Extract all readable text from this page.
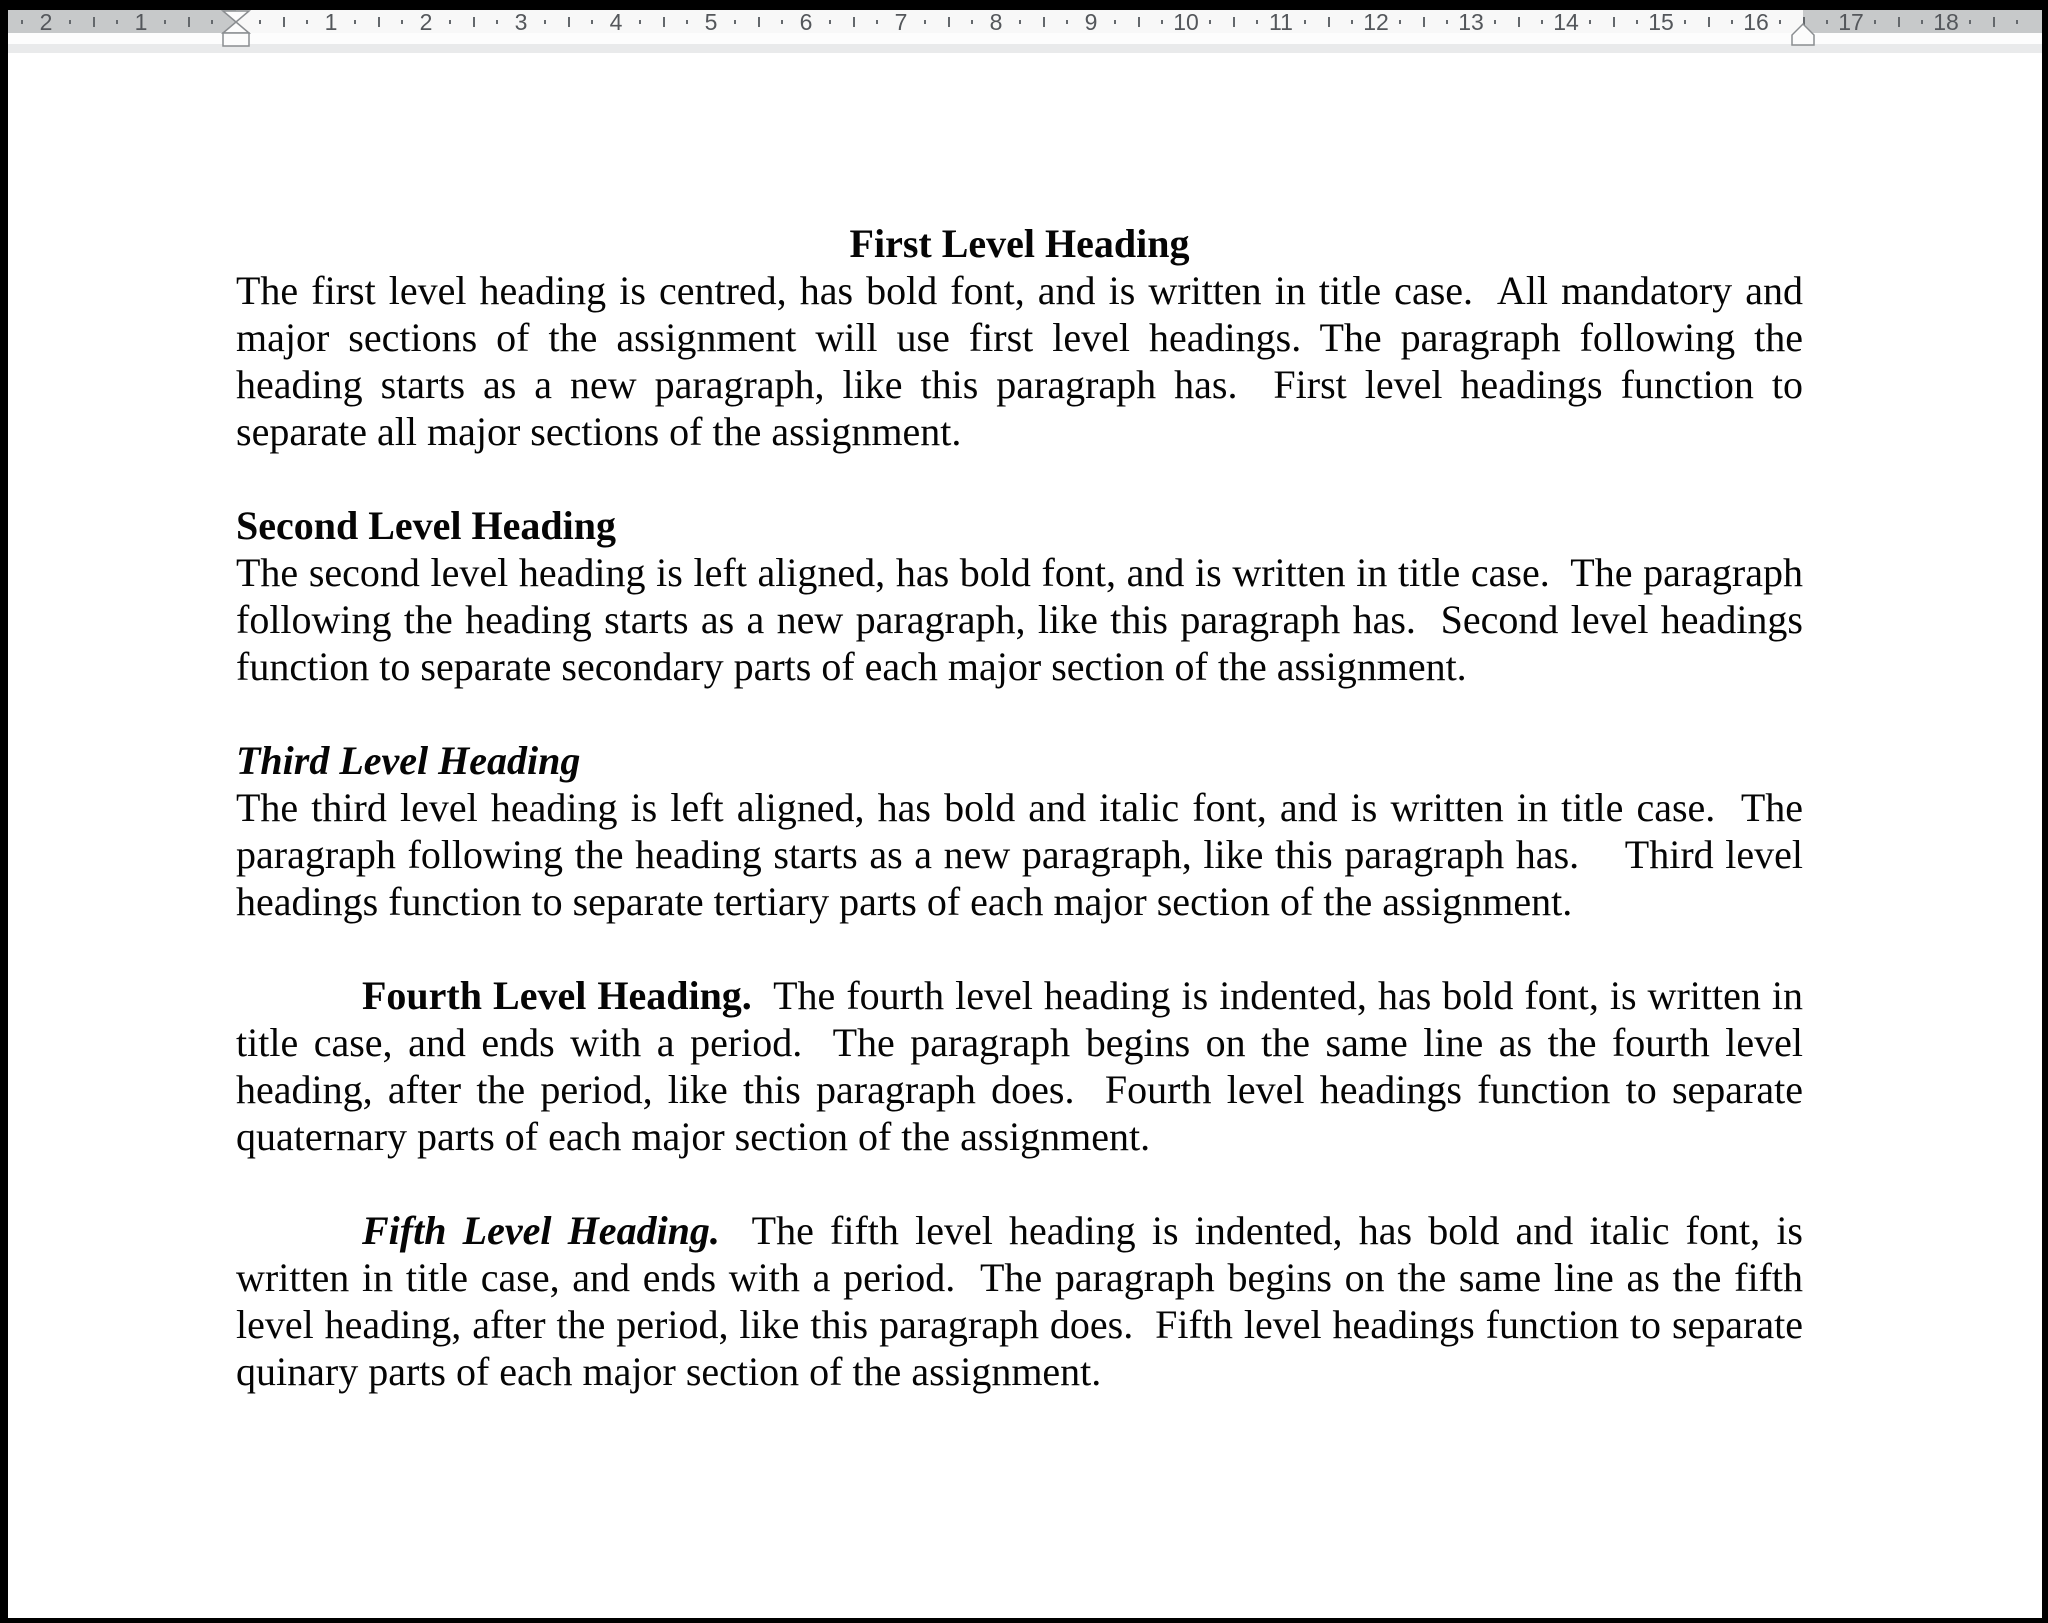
1
2	1	2	3	4	5	6	7	8	9	10	11	12	13	14	15	16	17	18
First Level Heading
The first level heading is centred, has bold font, and is written in title case.  All mandatory and major sections of the assignment will use first level headings. The paragraph following the heading starts as a new paragraph, like this paragraph has.  First level headings function to separate all major sections of the assignment.
Second Level Heading
The second level heading is left aligned, has bold font, and is written in title case.  The paragraph following the heading starts as a new paragraph, like this paragraph has.  Second level headings function to separate secondary parts of each major section of the assignment.
Third Level Heading
The third level heading is left aligned, has bold and italic font, and is written in title case.  The paragraph following the heading starts as a new paragraph, like this paragraph has.    Third level headings function to separate tertiary parts of each major section of the assignment.
Fourth Level Heading.  The fourth level heading is indented, has bold font, is written in title case, and ends with a period.  The paragraph begins on the same line as the fourth level heading, after the period, like this paragraph does.  Fourth level headings function to separate quaternary parts of each major section of the assignment.
Fifth Level Heading.  The fifth level heading is indented, has bold and italic font, is written in title case, and ends with a period.  The paragraph begins on the same line as the fifth level heading, after the period, like this paragraph does.  Fifth level headings function to separate quinary parts of each major section of the assignment.
